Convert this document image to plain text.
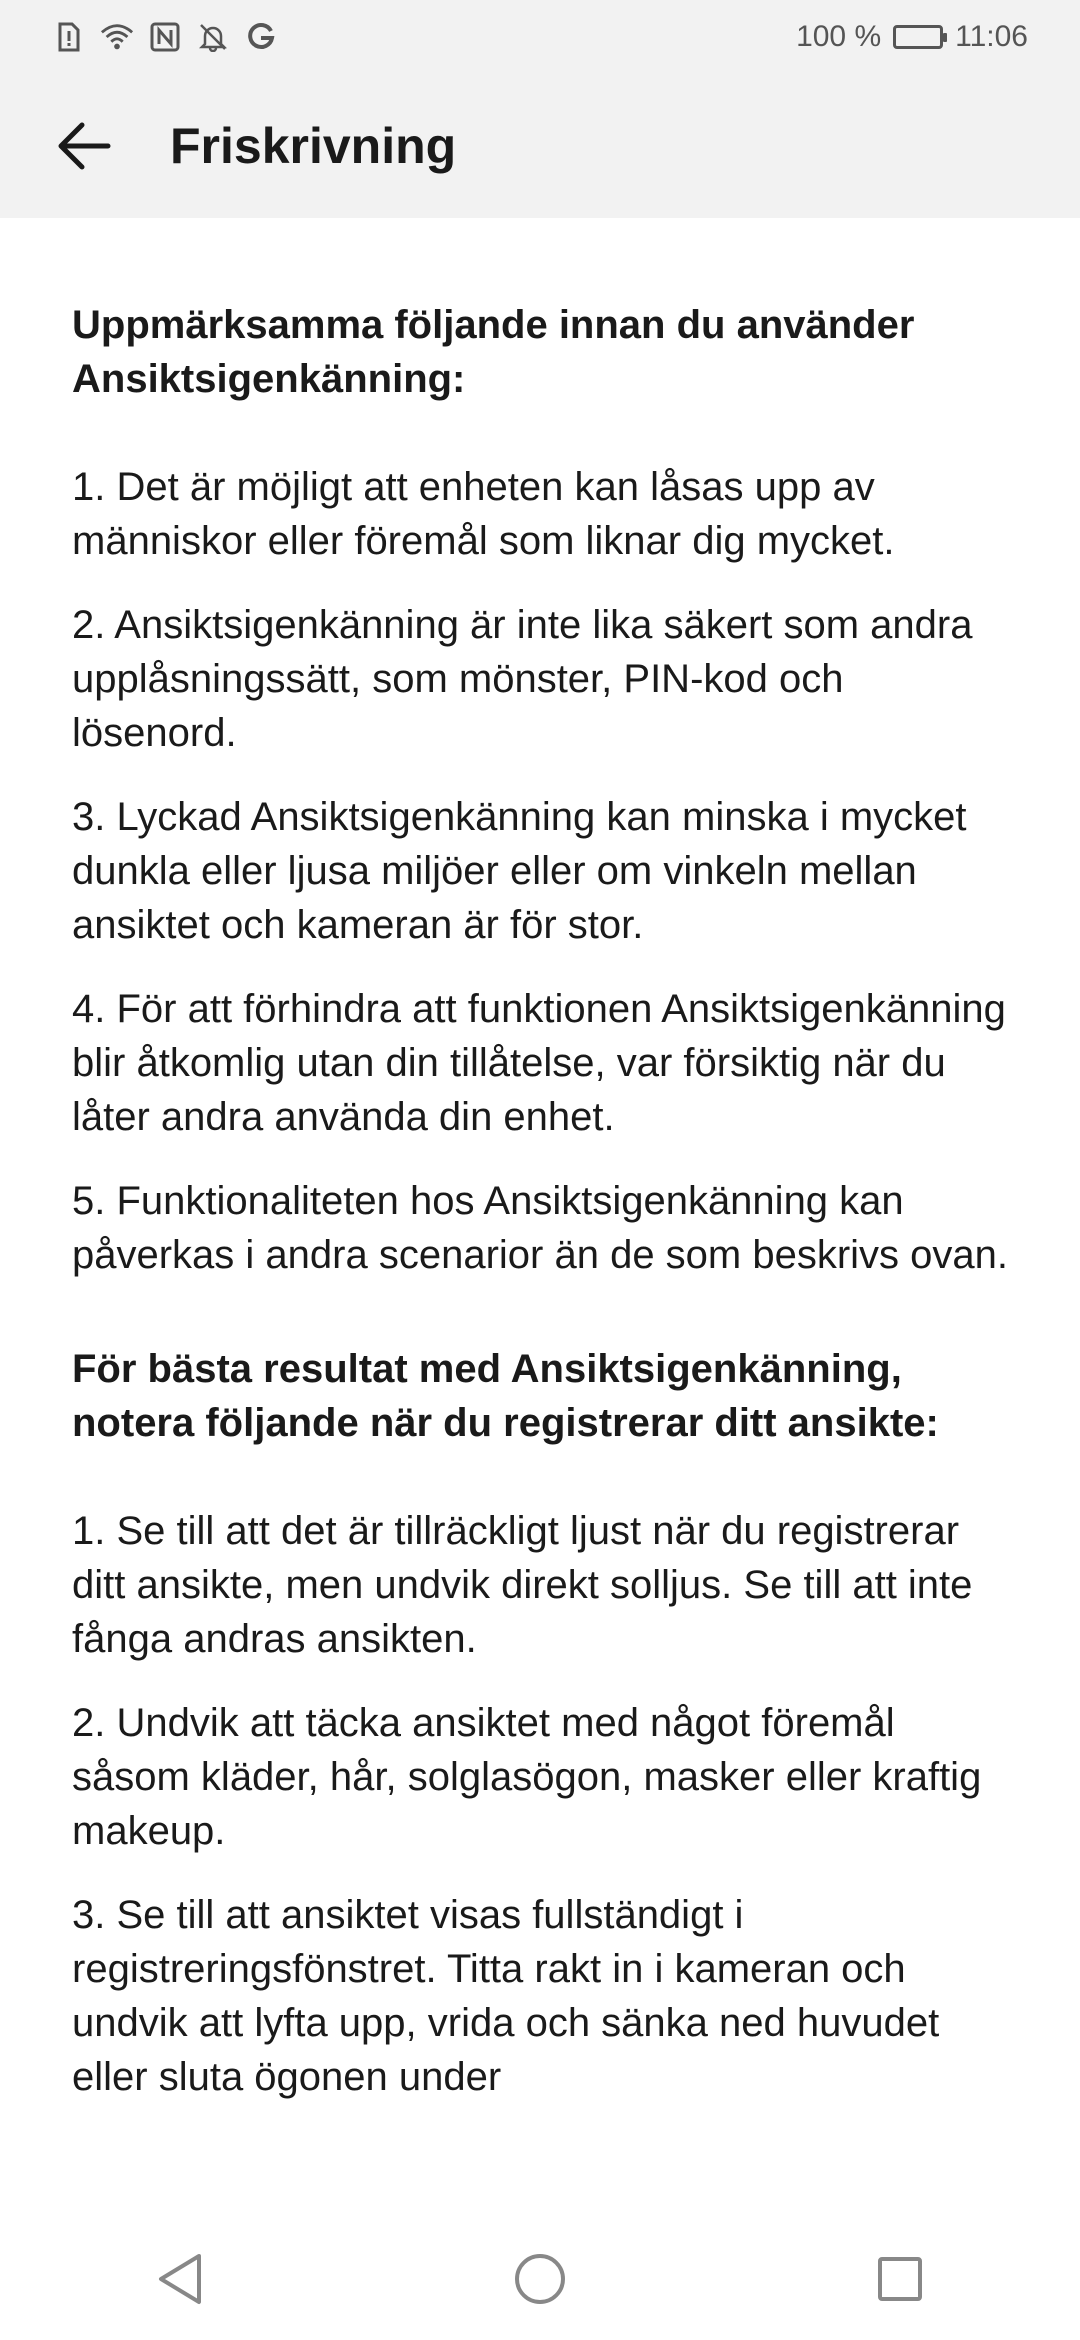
100 % 11:06
Friskrivning
Uppmärksamma följande innan du använder Ansiktsigenkänning:
1. Det är möjligt att enheten kan låsas upp av människor eller föremål som liknar dig mycket.
2. Ansiktsigenkänning är inte lika säkert som andra upplåsningssätt, som mönster, PIN-kod och lösenord.
3. Lyckad Ansiktsigenkänning kan minska i mycket dunkla eller ljusa miljöer eller om vinkeln mellan ansiktet och kameran är för stor.
4. För att förhindra att funktionen Ansiktsigenkänning blir åtkomlig utan din tillåtelse, var försiktig när du låter andra använda din enhet.
5. Funktionaliteten hos Ansiktsigenkänning kan påverkas i andra scenarior än de som beskrivs ovan.
För bästa resultat med Ansiktsigenkänning, notera följande när du registrerar ditt ansikte:
1. Se till att det är tillräckligt ljust när du registrerar ditt ansikte, men undvik direkt solljus. Se till att inte fånga andras ansikten.
2. Undvik att täcka ansiktet med något föremål såsom kläder, hår, solglasögon, masker eller kraftig makeup.
3. Se till att ansiktet visas fullständigt i registreringsfönstret. Titta rakt in i kameran och undvik att lyfta upp, vrida och sänka ned huvudet eller sluta ögonen under
